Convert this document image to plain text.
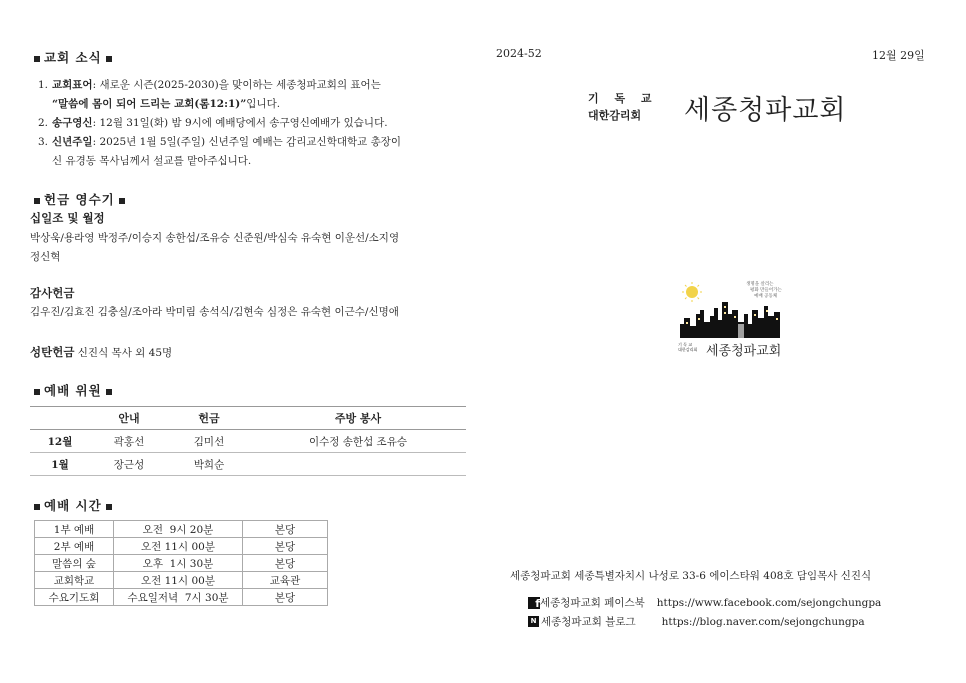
교회 소식
1. 교회표어: 새로운 시즌(2025-2030)을 맞이하는 세종청파교회의 표어는
“말씀에 몸이 되어 드리는 교회(롬12:1)”입니다.
2. 송구영신: 12월 31일(화) 밤 9시에 예배당에서 송구영신예배가 있습니다.
3. 신년주일: 2025년 1월 5일(주일) 신년주일 예배는 감리교신학대학교 총장이
신 유경동 목사님께서 설교를 맡아주십니다.
헌금 영수기
십일조 및 월정
박상욱/용라영 박정주/이승지 송한섭/조유승 신준원/박심숙 유숙현 이운선/소지영
정신혁
감사헌금
김우진/김효진 김충실/조아라 박미림 송석식/김현숙 심정은 유숙현 이근수/신명애
성탄헌금 신진식 목사 외 45명
예배 위원
	안내	헌금	주방 봉사
12월	곽홍선	김미선	이수정 송한섭 조유승
1월	장근성	박희순	
예배 시간
1부 예배	오전  9시 20분	본당
2부 예배	오전 11시 00분	본당
말씀의 숲	오후  1시 30분	본당
교회학교	오전 11시 00분	교육관
수요기도회	수요일저녁  7시 30분	본당
2024-52	12월 29일
기 독 교
대한감리회	세종청파교회
생명을 살리는
평화 만들어가는
예배 공동체
기 독 교
대한감리회 세종청파교회
세종청파교회 세종특별자치시 나성로 33-6 에이스타워 408호 담임목사 신진식
f 세종청파교회 페이스북 https://www.facebook.com/sejongchungpa
N 세종청파교회 블로그 https://blog.naver.com/sejongchungpa
